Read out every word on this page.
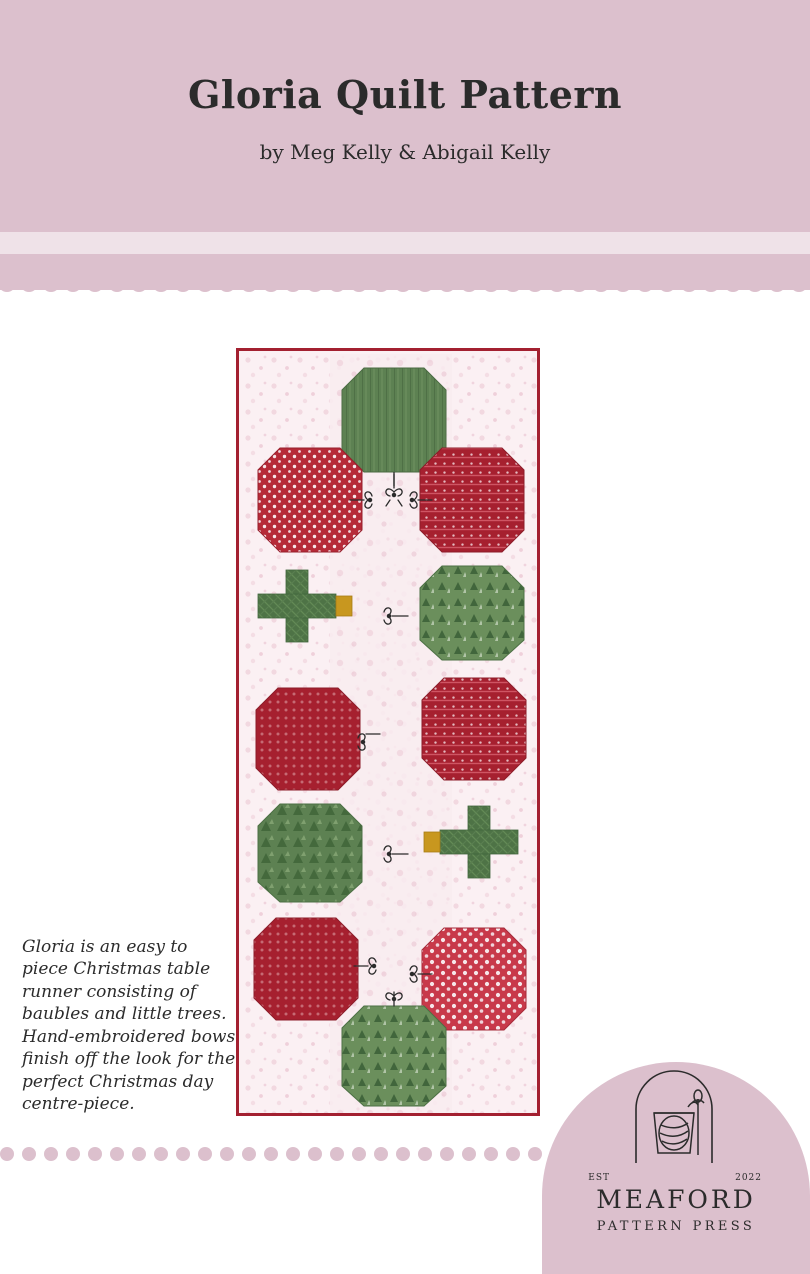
Gloria Quilt Pattern
by Meg Kelly & Abigail Kelly
Gloria is an easy to piece Christmas table runner consisting of baubles and little trees. Hand-embroidered bows finish off the look for the perfect Christmas day centre-piece.
EST	2022
MEAFORD
PATTERN PRESS
